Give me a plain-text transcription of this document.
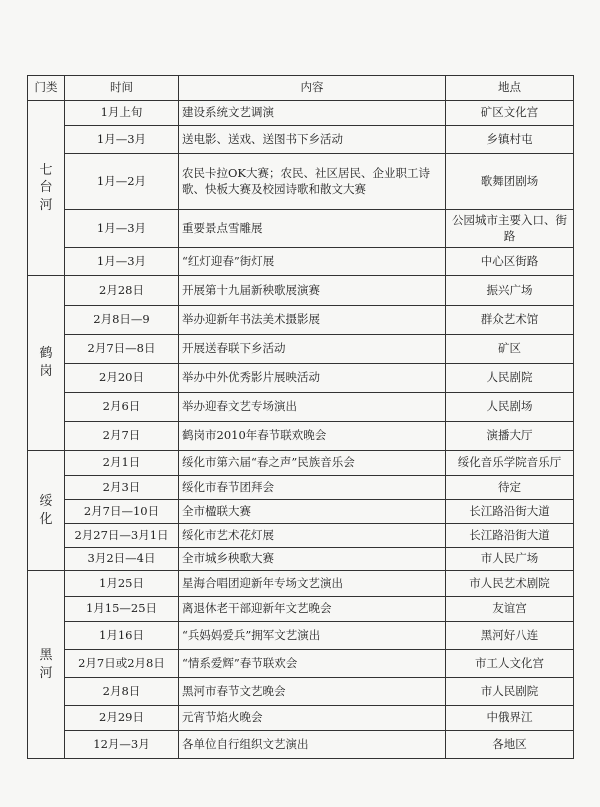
门类	时间	内容	地点
七台河	1月上旬	建设系统文艺调演	矿区文化宫
	1月—3月	送电影、送戏、送图书下乡活动	乡镇村屯
	1月—2月	农民卡拉OK大赛；农民、社区居民、企业职工诗歌、快板大赛及校园诗歌和散文大赛	歌舞团剧场
	1月—3月	重要景点雪雕展	公园城市主要入口、街路
	1月—3月	“红灯迎春”街灯展	中心区街路
鹤岗	2月28日	开展第十九届新秧歌展演赛	振兴广场
	2月8日—9	举办迎新年书法美术摄影展	群众艺术馆
	2月7日—8日	开展送春联下乡活动	矿区
	2月20日	举办中外优秀影片展映活动	人民剧院
	2月6日	举办迎春文艺专场演出	人民剧场
	2月7日	鹤岗市2010年春节联欢晚会	演播大厅
绥化	2月1日	绥化市第六届“春之声”民族音乐会	绥化音乐学院音乐厅
	2月3日	绥化市春节团拜会	待定
	2月7日—10日	全市楹联大赛	长江路沿街大道
	2月27日—3月1日	绥化市艺术花灯展	长江路沿街大道
	3月2日—4日	全市城乡秧歌大赛	市人民广场
黑河	1月25日	星海合唱团迎新年专场文艺演出	市人民艺术剧院
	1月15—25日	离退休老干部迎新年文艺晚会	友谊宫
	1月16日	“兵妈妈爱兵”拥军文艺演出	黑河好八连
	2月7日或2月8日	“情系爱辉”春节联欢会	市工人文化宫
	2月8日	黑河市春节文艺晚会	市人民剧院
	2月29日	元宵节焰火晚会	中俄界江
	12月—3月	各单位自行组织文艺演出	各地区
